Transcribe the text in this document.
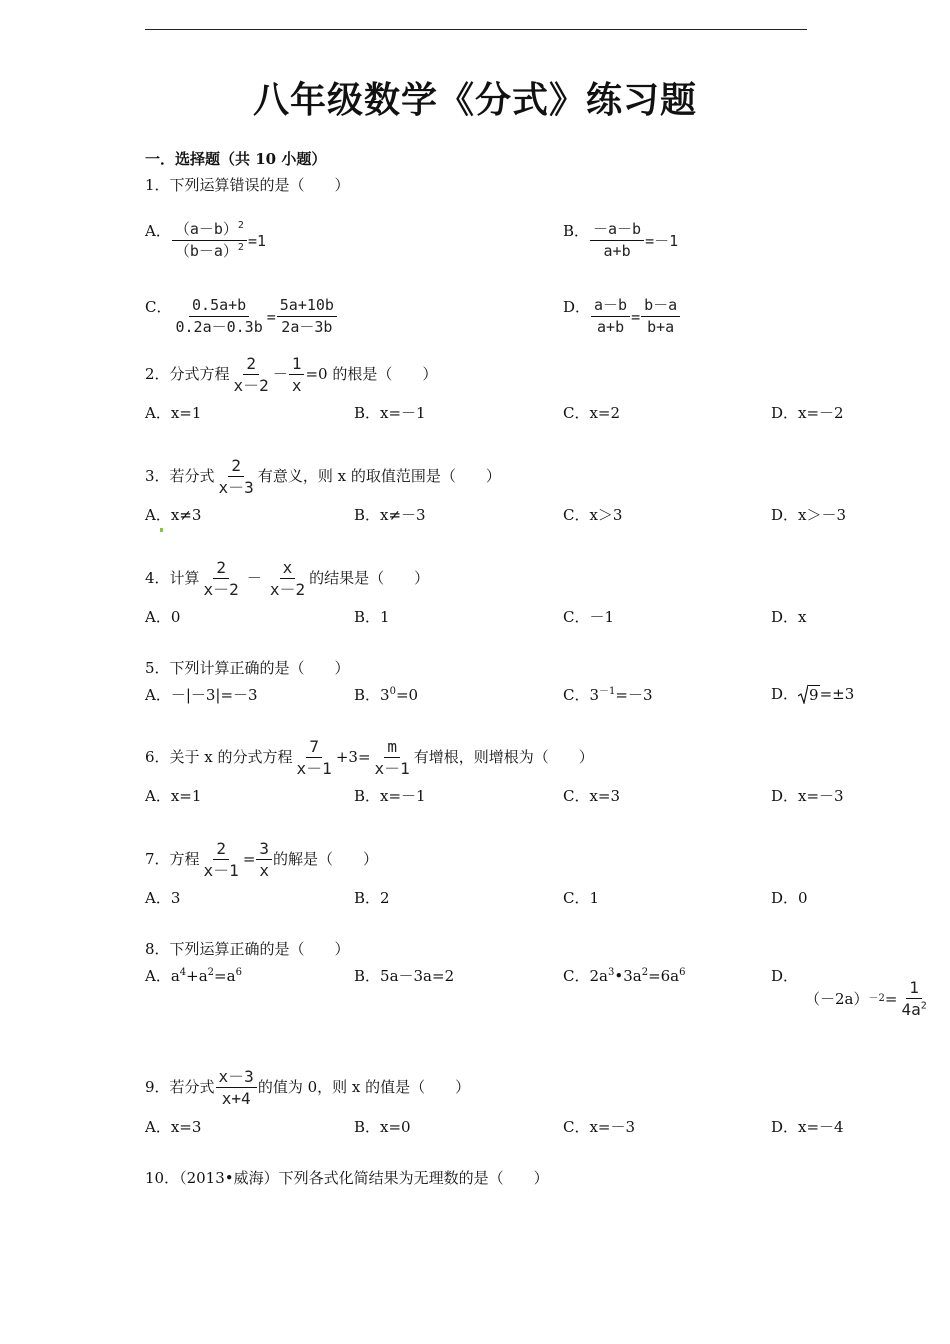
八年级数学《分式》练习题
一．选择题（共 10 小题）
1．下列运算错误的是（　　）
A． $\frac{(a-b)^2}{(b-a)^2} =1$
B． $\frac{-a-b}{a+b} =-1$
C． $\frac{0.5a+b}{0.2a-0.3b} = \frac{5a+10b}{2a-3b}$	D． $\frac{a-b}{a+b} = \frac{b-a}{b+a}$
2．分式方程 $\frac{2}{x-2} - \frac{1}{x} =0$ 的根是（　　）
A．x=1	B．x=－1	C．x=2	D．x=－2
3．若分式 $\frac{2}{x-3}$ 有意义，则 x 的取值范围是（　　）
A．x≠3	B．x≠－3	C．x＞3	D．x＞－3
4．计算 $\frac{2}{x-2} - \frac{x}{x-2}$ 的结果是（　　）
A．0	B．1	C．－1	D．x
5．下列计算正确的是（　　）
A．－|－3|=－3	B．$3^0=0$	C．$3^{-1}=-3$	D． 9 =±3
6．关于 x 的分式方程 $\frac{7}{x-1} +3= \frac{m}{x-1}$ 有增根，则增根为（　　）
A．x=1	B．x=－1	C．x=3	D．x=－3
7．方程 $\frac{2}{x-1} = \frac{3}{x}$ 的解是（　　）
A．3	B．2	C．1	D．0
8．下列运算正确的是（　　）
A．$a^4+a^2=a^6$	B．5a－3a=2	C．$2a^3•3a^2=6a^6$	D．
$(-2a) -2 = \frac{1}{4a^2}$
9．若分式 $\frac{x-3}{x+4}$ 的值为 0，则 x 的值是（　　）
A．x=3	B．x=0	C．x=－3	D．x=－4
10．（2013•威海）下列各式化简结果为无理数的是（　　）
